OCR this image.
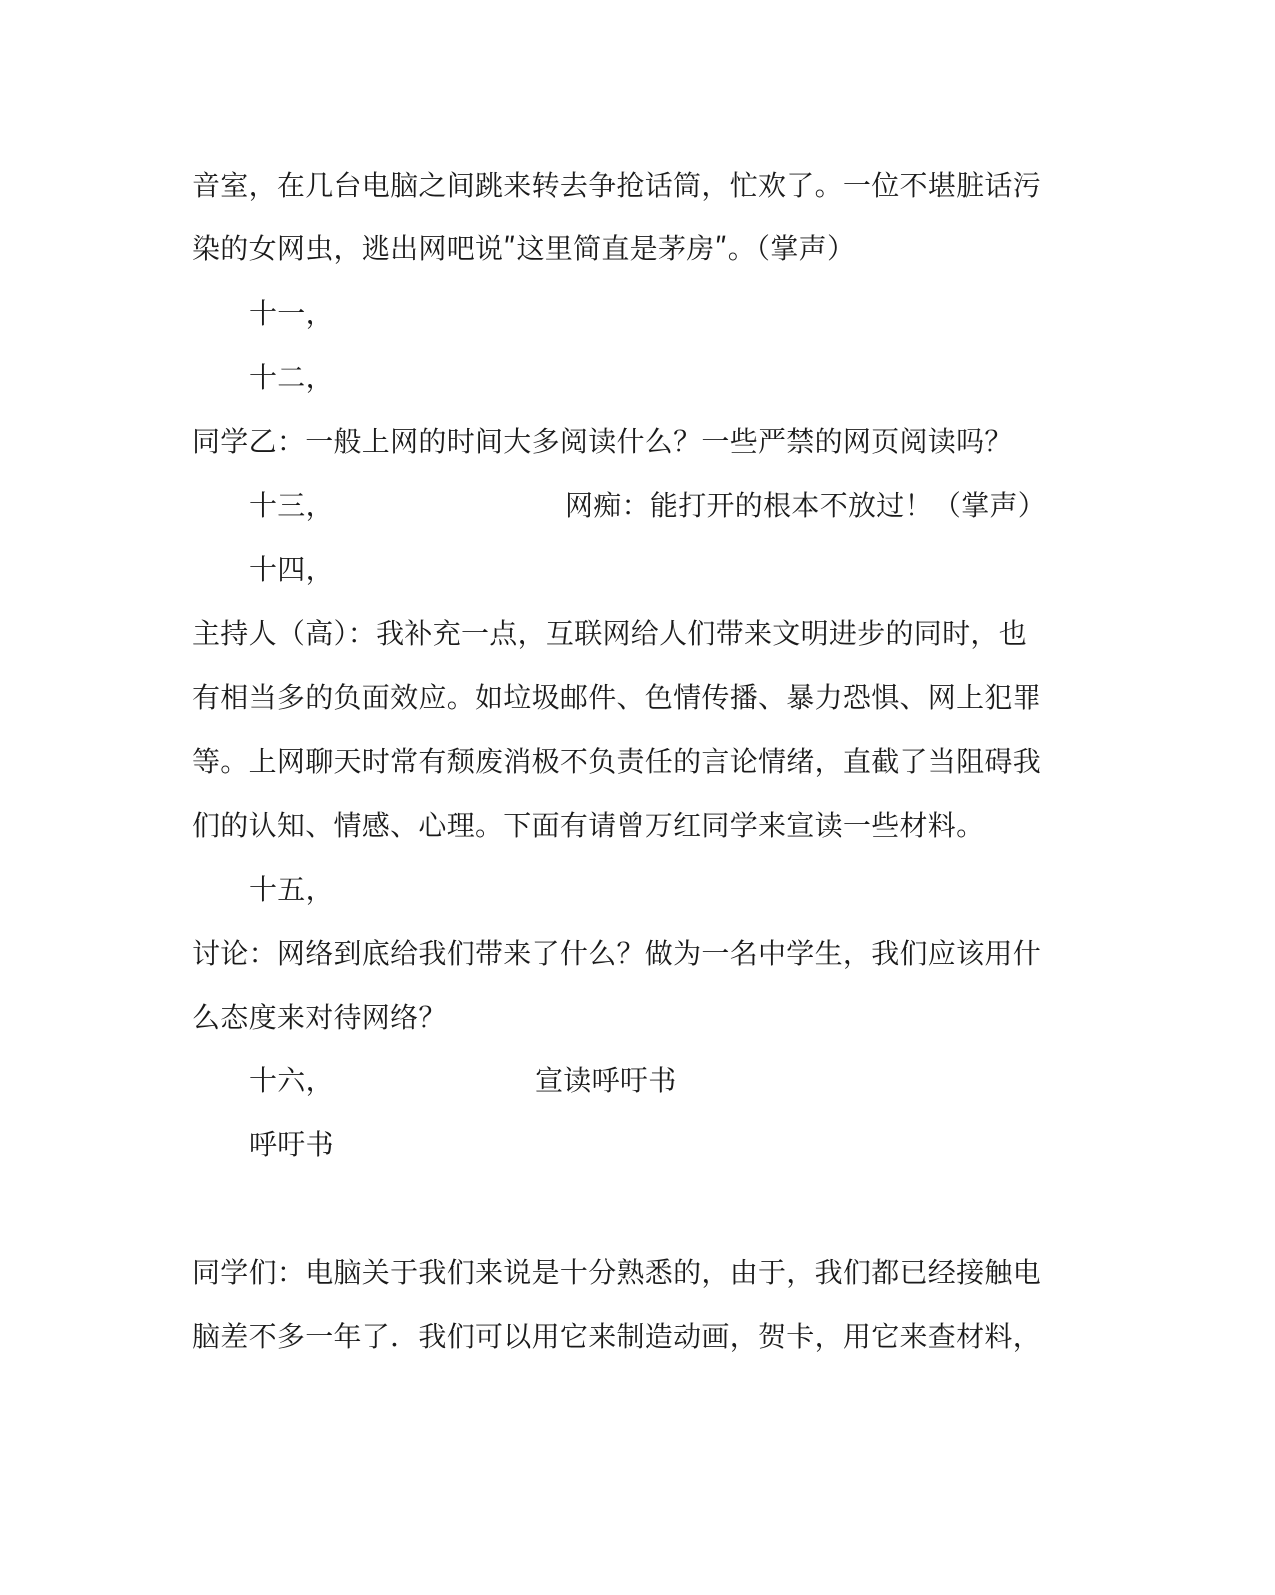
音室，在几台电脑之间跳来转去争抢话筒，忙欢了。一位不堪脏话污
染的女网虫，逃出网吧说ʺ这里简直是茅房ʺ。（掌声）
十一，
十二，
同学乙：一般上网的时间大多阅读什么？一些严禁的网页阅读吗？
十三，	网痴：能打开的根本不放过！（掌声）
十四，
主持人（高）：我补充一点，互联网给人们带来文明进步的同时，也
有相当多的负面效应。如垃圾邮件、色情传播、暴力恐惧、网上犯罪
等。上网聊天时常有颓废消极不负责任的言论情绪，直截了当阻碍我
们的认知、情感、心理。下面有请曾万红同学来宣读一些材料。
十五，
讨论：网络到底给我们带来了什么？做为一名中学生，我们应该用什
么态度来对待网络？
十六，	宣读呼吁书
呼吁书
同学们：电脑关于我们来说是十分熟悉的，由于，我们都已经接触电
脑差不多一年了．我们可以用它来制造动画，贺卡，用它来查材料，
